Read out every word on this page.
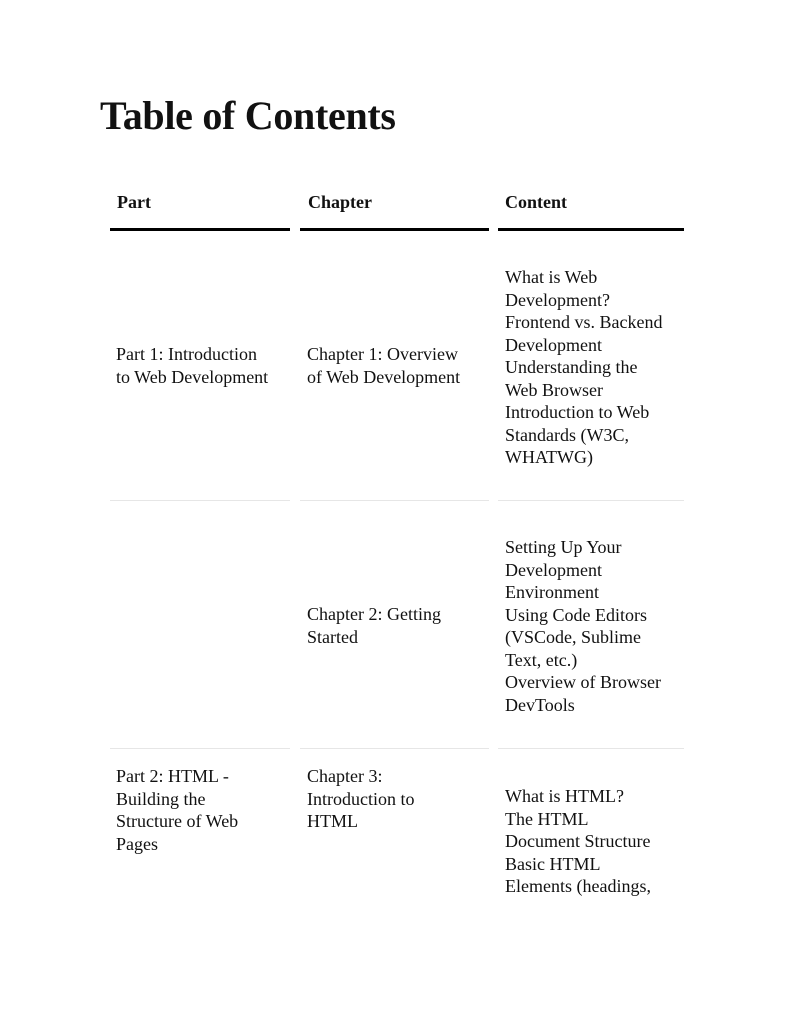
Table of Contents
Part	Chapter	Content
Part 1: Introduction
to Web Development
Chapter 1: Overview
of Web Development
What is Web
Development?
Frontend vs. Backend
Development
Understanding the
Web Browser
Introduction to Web
Standards (W3C,
WHATWG)
Chapter 2: Getting
Started
Setting Up Your
Development
Environment
Using Code Editors
(VSCode, Sublime
Text, etc.)
Overview of Browser
DevTools
Part 2: HTML -
Building the
Structure of Web
Pages
Chapter 3:
Introduction to
HTML
What is HTML?
The HTML
Document Structure
Basic HTML
Elements (headings,
